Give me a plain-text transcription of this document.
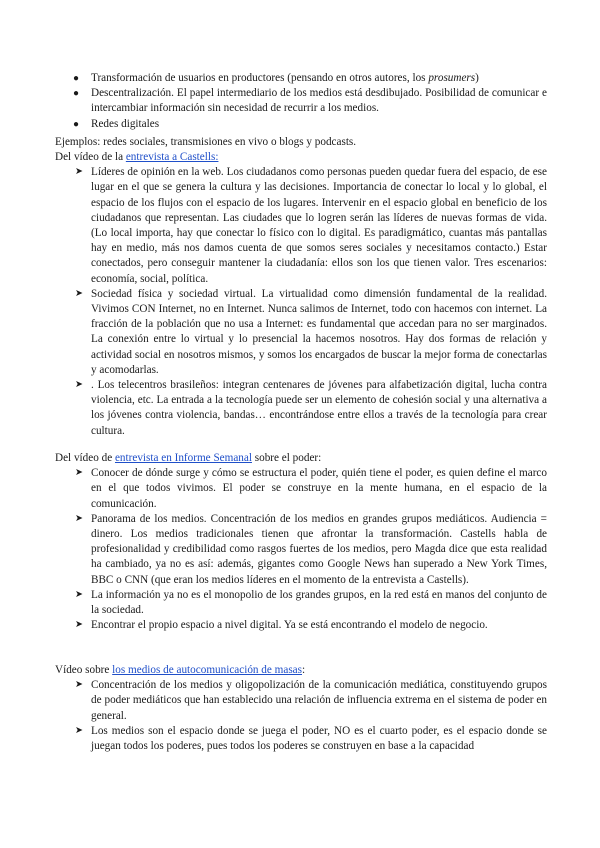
● Transformación de usuarios en productores (pensando en otros autores, los prosumers)
● Descentralización. El papel intermediario de los medios está desdibujado. Posibilidad de comunicar e intercambiar información sin necesidad de recurrir a los medios.
● Redes digitales

Ejemplos: redes sociales, transmisiones en vivo o blogs y podcasts.

Del vídeo de la entrevista a Castells:

➤ Líderes de opinión en la web. Los ciudadanos como personas pueden quedar fuera del espacio, de ese lugar en el que se genera la cultura y las decisiones. Importancia de conectar lo local y lo global, el espacio de los flujos con el espacio de los lugares. Intervenir en el espacio global en beneficio de los ciudadanos que representan. Las ciudades que lo logren serán las líderes de nuevas formas de vida. (Lo local importa, hay que conectar lo físico con lo digital. Es paradigmático, cuantas más pantallas hay en medio, más nos damos cuenta de que somos seres sociales y necesitamos contacto.) Estar conectados, pero conseguir mantener la ciudadanía: ellos son los que tienen valor. Tres escenarios: economía, social, política.
➤ Sociedad física y sociedad virtual. La virtualidad como dimensión fundamental de la realidad. Vivimos CON Internet, no en Internet. Nunca salimos de Internet, todo con hacemos con internet. La fracción de la población que no usa a Internet: es fundamental que accedan para no ser marginados. La conexión entre lo virtual y lo presencial la hacemos nosotros. Hay dos formas de relación y actividad social en nosotros mismos, y somos los encargados de buscar la mejor forma de conectarlas y acomodarlas.
➤ . Los telecentros brasileños: integran centenares de jóvenes para alfabetización digital, lucha contra violencia, etc. La entrada a la tecnología puede ser un elemento de cohesión social y una alternativa a los jóvenes contra violencia, bandas… encontrándose entre ellos a través de la tecnología para crear cultura.

Del vídeo de entrevista en Informe Semanal sobre el poder:

➤ Conocer de dónde surge y cómo se estructura el poder, quién tiene el poder, es quien define el marco en el que todos vivimos. El poder se construye en la mente humana, en el espacio de la comunicación.
➤ Panorama de los medios. Concentración de los medios en grandes grupos mediáticos. Audiencia = dinero. Los medios tradicionales tienen que afrontar la transformación. Castells habla de profesionalidad y credibilidad como rasgos fuertes de los medios, pero Magda dice que esta realidad ha cambiado, ya no es así: además, gigantes como Google News han superado a New York Times, BBC o CNN (que eran los medios líderes en el momento de la entrevista a Castells).
➤ La información ya no es el monopolio de los grandes grupos, en la red está en manos del conjunto de la sociedad.
➤ Encontrar el propio espacio a nivel digital. Ya se está encontrando el modelo de negocio.

Vídeo sobre los medios de autocomunicación de masas:

➤ Concentración de los medios y oligopolización de la comunicación mediática, constituyendo grupos de poder mediáticos que han establecido una relación de influencia extrema en el sistema de poder en general.
➤ Los medios son el espacio donde se juega el poder, NO es el cuarto poder, es el espacio donde se juegan todos los poderes, pues todos los poderes se construyen en base a la capacidad
